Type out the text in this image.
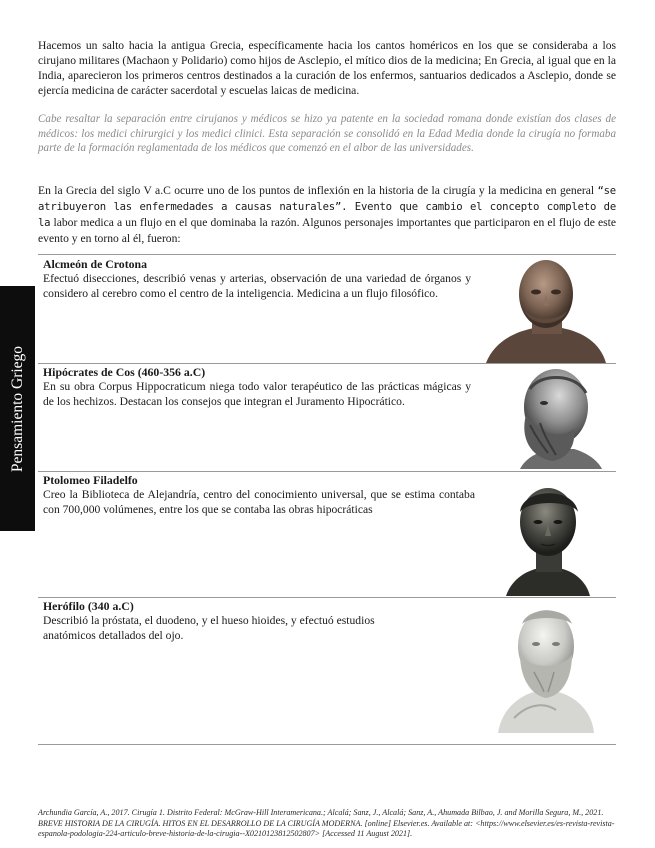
Hacemos un salto hacia la antigua Grecia, específicamente hacia los cantos homéricos en los que se consideraba a los cirujano militares (Machaon y Polidario) como hijos de Asclepio, el mítico dios de la medicina; En Grecia, al igual que en la India, aparecieron los primeros centros destinados a la curación de los enfermos, santuarios dedicados a Asclepio, donde se ejercía medicina de carácter sacerdotal y escuelas laicas de medicina.

Cabe resaltar la separación entre cirujanos y médicos se hizo ya patente en la sociedad romana donde existían dos clases de médicos: los medici chirurgici y los medici clinici. Esta separación se consolidó en la Edad Media donde la cirugía no formaba parte de la formación reglamentada de los médicos que comenzó en el albor de las universidades.

En la Grecia del siglo V a.C ocurre uno de los puntos de inflexión en la historia de la cirugía y la medicina en general “se atribuyeron las enfermedades a causas naturales”. Evento que cambio el concepto completo de la labor medica a un flujo en el que dominaba la razón. Algunos personajes importantes que participaron en el flujo de este evento y en torno al él, fueron:

Pensamiento Griego

Alcmeón de Crotona

Efectuó disecciones, describió venas y arterias, observación de una variedad de órganos y considero al cerebro como el centro de la inteligencia. Medicina a un flujo filosófico.

Hipócrates de Cos (460-356 a.C)

En su obra Corpus Hippocraticum niega todo valor terapéutico de las prácticas mágicas y de los hechizos. Destacan los consejos que integran el Juramento Hipocrático.

Ptolomeo Filadelfo

Creo la Biblioteca de Alejandría, centro del conocimiento universal, que se estima contaba con 700,000 volúmenes, entre los que se contaba las obras hipocráticas

Herófilo (340 a.C)

Describió la próstata, el duodeno, y el hueso hioides, y efectuó estudios anatómicos detallados del ojo.

Archundia García, A., 2017. Cirugía 1. Distrito Federal: McGraw-Hill Interamericana.; Alcalá; Sanz, J., Alcalá; Sanz, A., Ahumada Bilbao, J. and Morilla Segura, M., 2021. BREVE HISTORIA DE LA CIRUGÍA. HITOS EN EL DESARROLLO DE LA CIRUGÍA MODERNA. [online] Elsevier.es. Available at: <https://www.elsevier.es/es-revista-revista-espanola-podologia-224-articulo-breve-historia-de-la-cirugia--X0210123812502807> [Accessed 11 August 2021].
